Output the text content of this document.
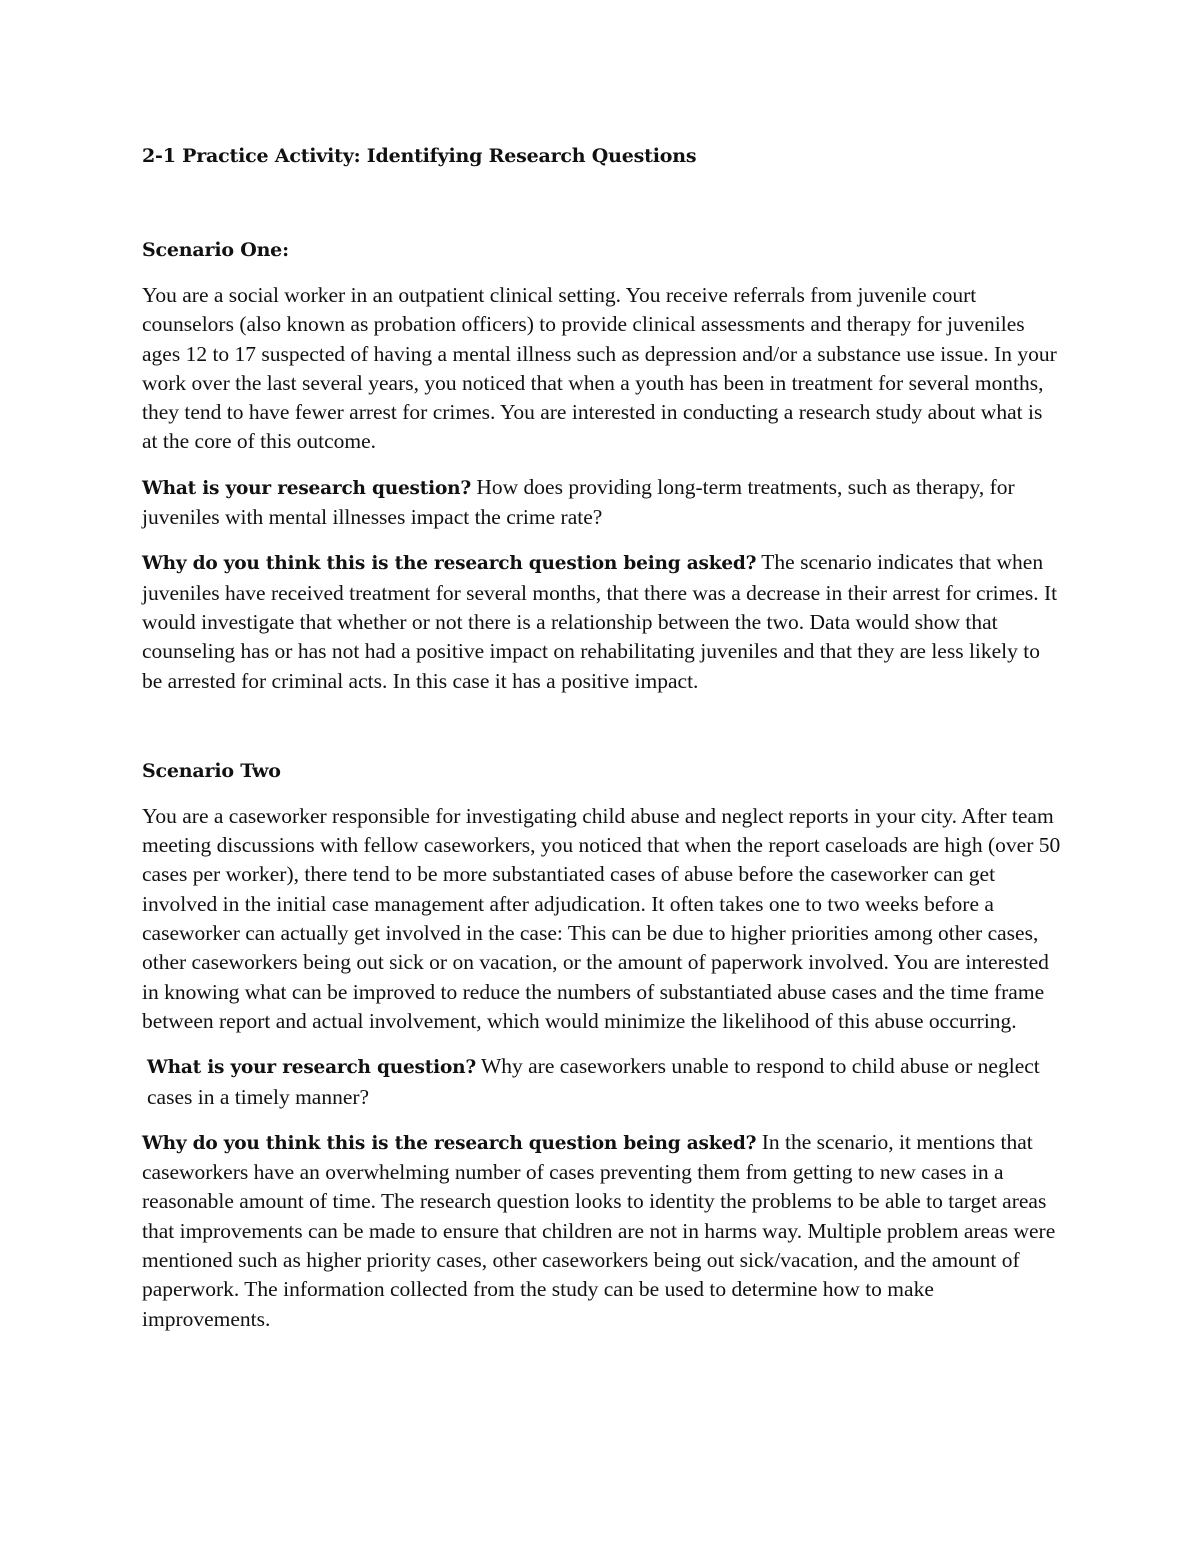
2-1 Practice Activity: Identifying Research Questions
Scenario One:

You are a social worker in an outpatient clinical setting. You receive referrals from juvenile court counselors (also known as probation officers) to provide clinical assessments and therapy for juveniles ages 12 to 17 suspected of having a mental illness such as depression and/or a substance use issue. In your work over the last several years, you noticed that when a youth has been in treatment for several months, they tend to have fewer arrest for crimes. You are interested in conducting a research study about what is at the core of this outcome.

What is your research question? How does providing long-term treatments, such as therapy, for juveniles with mental illnesses impact the crime rate?

Why do you think this is the research question being asked? The scenario indicates that when juveniles have received treatment for several months, that there was a decrease in their arrest for crimes. It would investigate that whether or not there is a relationship between the two. Data would show that counseling has or has not had a positive impact on rehabilitating juveniles and that they are less likely to be arrested for criminal acts. In this case it has a positive impact.

Scenario Two

You are a caseworker responsible for investigating child abuse and neglect reports in your city. After team meeting discussions with fellow caseworkers, you noticed that when the report caseloads are high (over 50 cases per worker), there tend to be more substantiated cases of abuse before the caseworker can get involved in the initial case management after adjudication. It often takes one to two weeks before a caseworker can actually get involved in the case: This can be due to higher priorities among other cases, other caseworkers being out sick or on vacation, or the amount of paperwork involved. You are interested in knowing what can be improved to reduce the numbers of substantiated abuse cases and the time frame between report and actual involvement, which would minimize the likelihood of this abuse occurring.

What is your research question? Why are caseworkers unable to respond to child abuse or neglect cases in a timely manner?

Why do you think this is the research question being asked? In the scenario, it mentions that caseworkers have an overwhelming number of cases preventing them from getting to new cases in a reasonable amount of time. The research question looks to identity the problems to be able to target areas that improvements can be made to ensure that children are not in harms way. Multiple problem areas were mentioned such as higher priority cases, other caseworkers being out sick/vacation, and the amount of paperwork. The information collected from the study can be used to determine how to make improvements.
